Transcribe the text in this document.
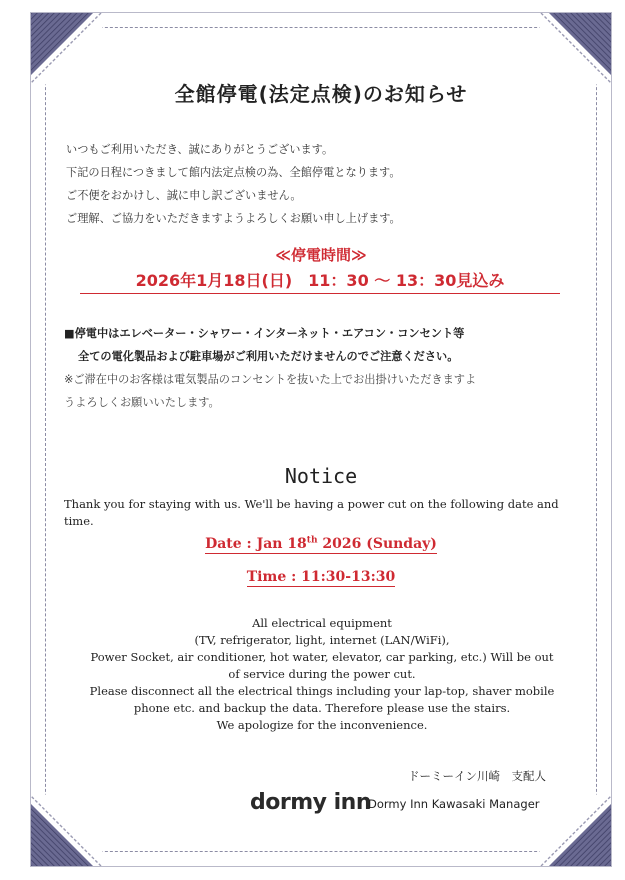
全館停電(法定点検)のお知らせ
いつもご利用いただき、誠にありがとうございます。
下記の日程につきまして館内法定点検の為、全館停電となります。
ご不便をおかけし、誠に申し訳ございません。
ご理解、ご協力をいただきますようよろしくお願い申し上げます。
≪停電時間≫
2026年1月18日(日)　11：30 ～ 13：30見込み
■停電中はエレベーター・シャワー・インターネット・エアコン・コンセント等
全ての電化製品および駐車場がご利用いただけませんのでご注意ください。
※ご滞在中のお客様は電気製品のコンセントを抜いた上でお出掛けいただきますよ
うよろしくお願いいたします。
Notice
Thank you for staying with us. We'll be having a power cut on the following date and time.
Date : Jan 18th 2026 (Sunday)
Time : 11:30-13:30
All electrical equipment
(TV, refrigerator, light, internet (LAN/WiFi),
Power Socket, air conditioner, hot water, elevator, car parking, etc.) Will be out
of service during the power cut.
Please disconnect all the electrical things including your lap-top, shaver mobile
phone etc. and backup the data. Therefore please use the stairs.
We apologize for the inconvenience.
ドーミーイン川崎　支配人
dormy inn
Dormy Inn Kawasaki Manager
